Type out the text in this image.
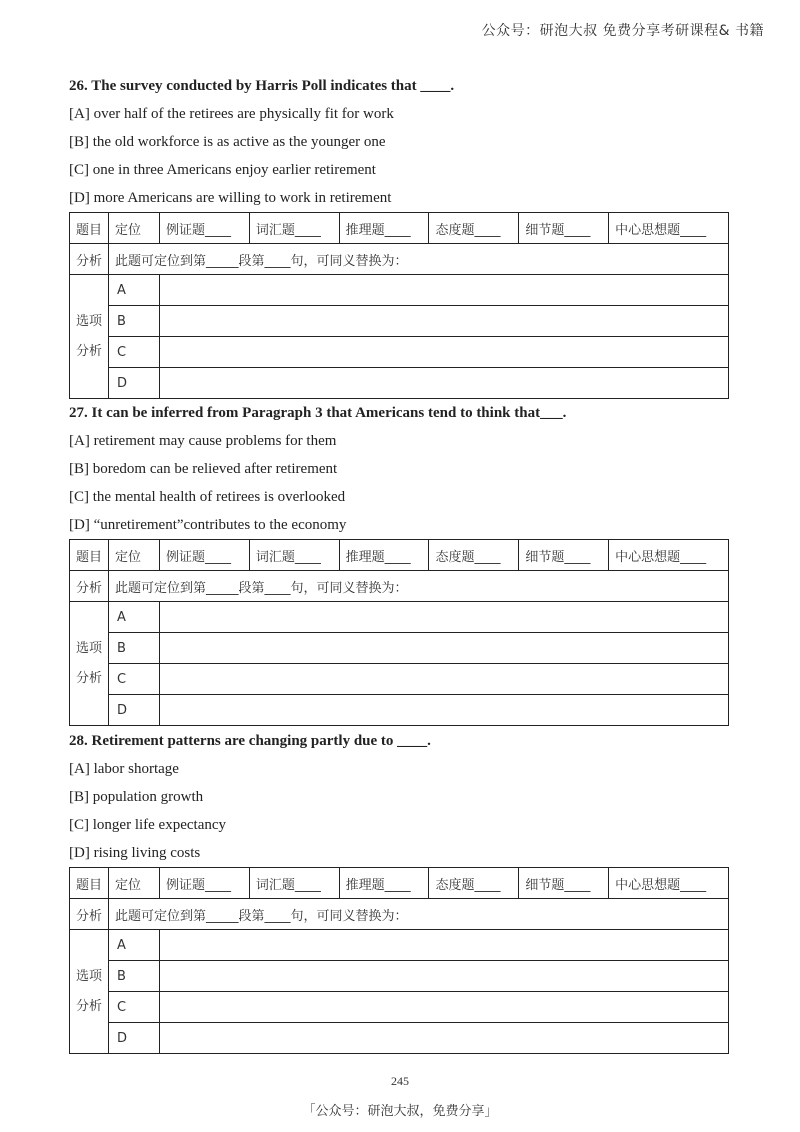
公众号：研泡大叔 免费分享考研课程& 书籍
26. The survey conducted by Harris Poll indicates that ____.
[A] over half of the retirees are physically fit for work
[B] the old workforce is as active as the younger one
[C] one in three Americans enjoy earlier retirement
[D] more Americans are willing to work in retirement
题目	定位	例证题____	词汇题____	推理题____	态度题____	细节题____	中心思想题____
分析	此题可定位到第_____段第____句，可同义替换为：						

选项
分析	A						
	B						
	C						
	D						
27. It can be inferred from Paragraph 3 that Americans tend to think that___.
[A] retirement may cause problems for them
[B] boredom can be relieved after retirement
[C] the mental health of retirees is overlooked
[D] “unretirement”contributes to the economy
题目	定位	例证题____	词汇题____	推理题____	态度题____	细节题____	中心思想题____
分析	此题可定位到第_____段第____句，可同义替换为：						

选项
分析	A						
	B						
	C						
	D						
28. Retirement patterns are changing partly due to ____.
[A] labor shortage
[B] population growth
[C] longer life expectancy
[D] rising living costs
题目	定位	例证题____	词汇题____	推理题____	态度题____	细节题____	中心思想题____
分析	此题可定位到第_____段第____句，可同义替换为：						

选项
分析	A						
	B						
	C						
	D						
245
「公众号：研泡大叔，免费分享」
